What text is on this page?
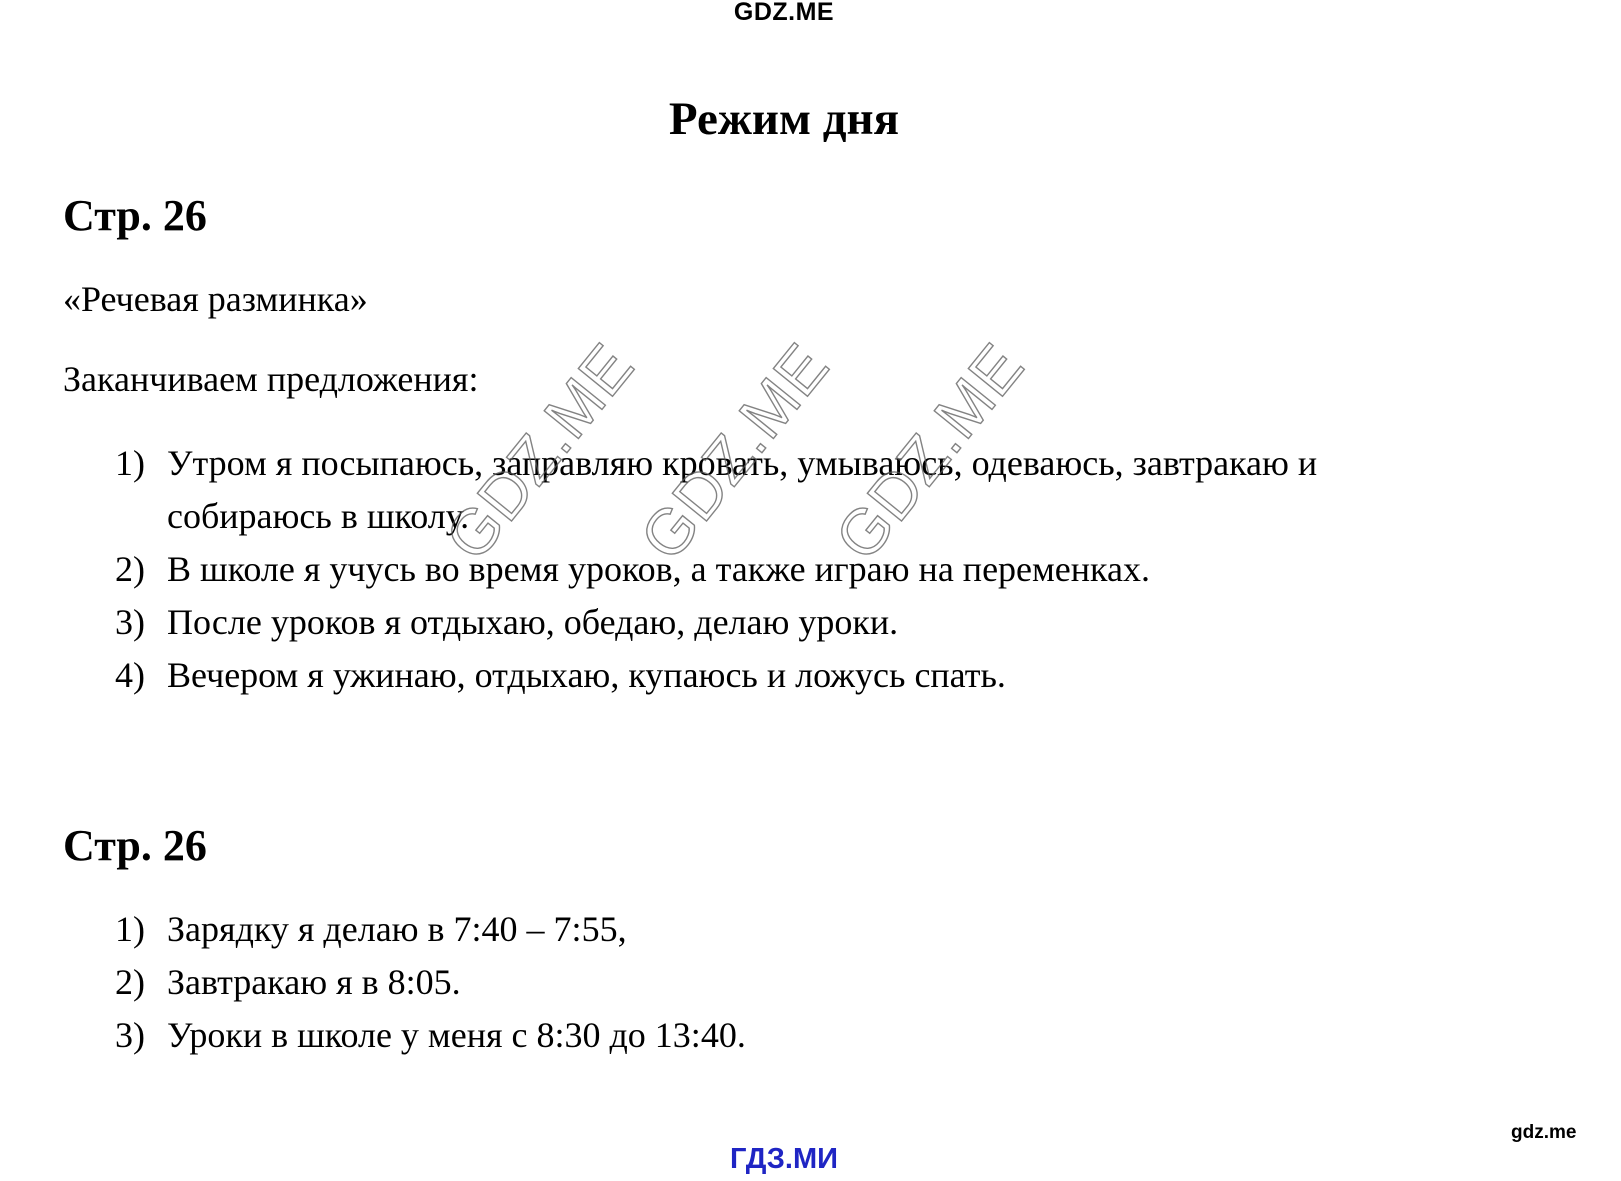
GDZ.ME
Режим дня
Стр. 26

«Речевая разминка»

Заканчиваем предложения:

1) Утром я посыпаюсь, заправляю кровать, умываюсь, одеваюсь, завтракаю и собираюсь в школу.
2) В школе я учусь во время уроков, а также играю на переменках.
3) После уроков я отдыхаю, обедаю, делаю уроки.
4) Вечером я ужинаю, отдыхаю, купаюсь и ложусь спать.
Стр. 26
1) Зарядку я делаю в 7:40 – 7:55,
2) Завтракаю я в 8:05.
3) Уроки в школе у меня с 8:30 до 13:40.
GDZ.ME
GDZ.ME
GDZ.ME
gdz.me
ГДЗ.МИ
